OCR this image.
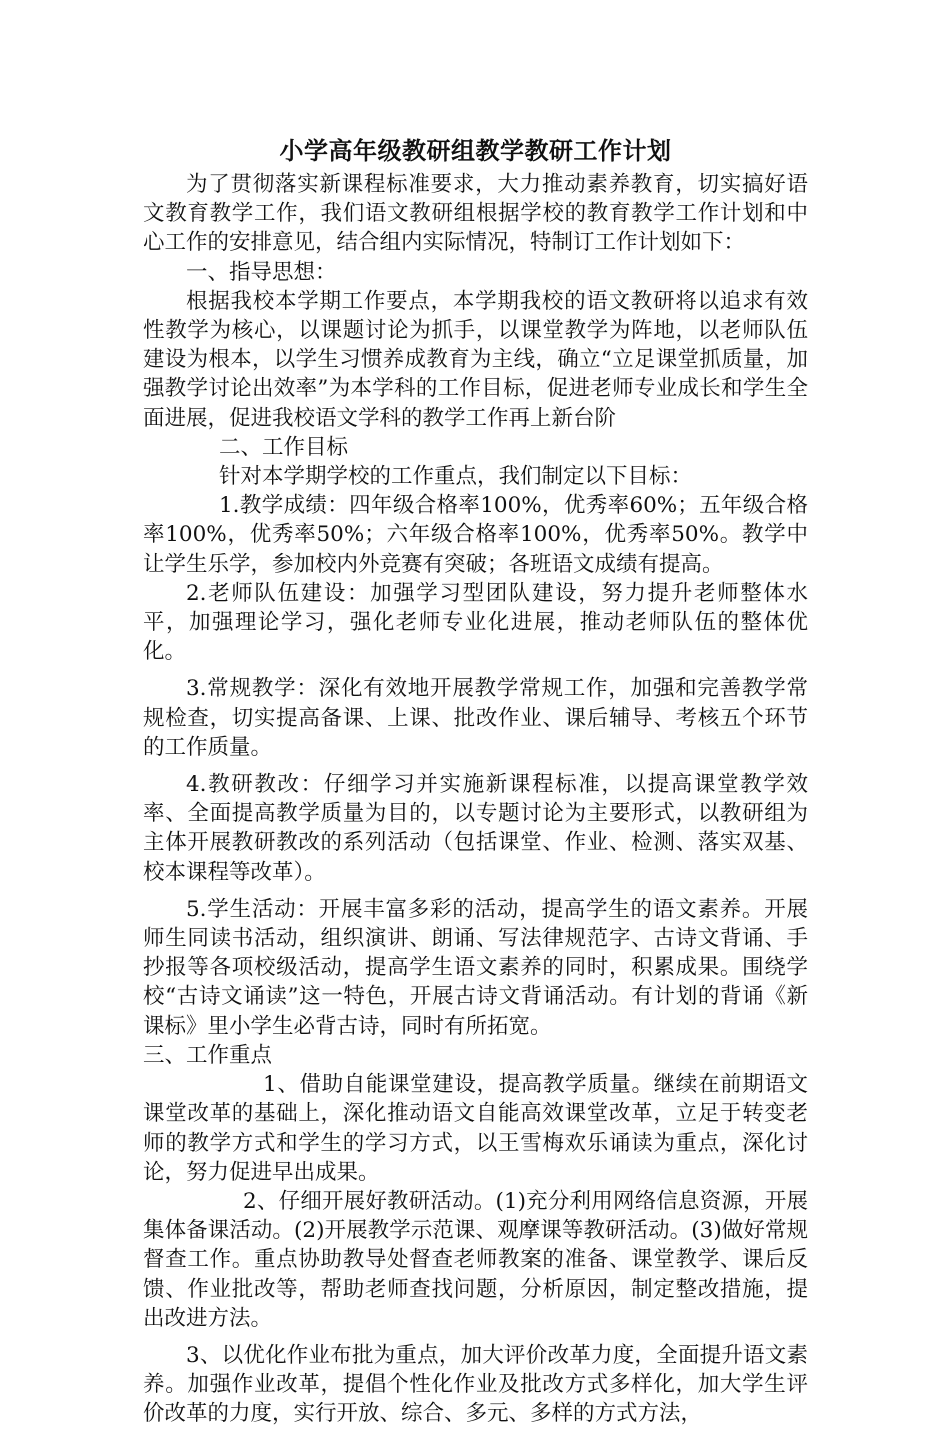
小学高年级教研组教学教研工作计划

为了贯彻落实新课程标准要求，大力推动素养教育，切实搞好语文教育教学工作，我们语文教研组根据学校的教育教学工作计划和中心工作的安排意见，结合组内实际情况，特制订工作计划如下：

一、指导思想：

根据我校本学期工作要点，本学期我校的语文教研将以追求有效性教学为核心，以课题讨论为抓手，以课堂教学为阵地，以老师队伍建设为根本，以学生习惯养成教育为主线，确立“立足课堂抓质量，加强教学讨论出效率”为本学科的工作目标，促进老师专业成长和学生全面进展，促进我校语文学科的教学工作再上新台阶

二、工作目标

针对本学期学校的工作重点，我们制定以下目标：

1.教学成绩：四年级合格率100%，优秀率60%；五年级合格率100%，优秀率50%；六年级合格率100%，优秀率50%。教学中让学生乐学，参加校内外竞赛有突破；各班语文成绩有提高。

2.老师队伍建设：加强学习型团队建设，努力提升老师整体水平，加强理论学习，强化老师专业化进展，推动老师队伍的整体优化。

3.常规教学：深化有效地开展教学常规工作，加强和完善教学常规检查，切实提高备课、上课、批改作业、课后辅导、考核五个环节的工作质量。

4.教研教改：仔细学习并实施新课程标准，以提高课堂教学效率、全面提高教学质量为目的，以专题讨论为主要形式，以教研组为主体开展教研教改的系列活动（包括课堂、作业、检测、落实双基、校本课程等改革）。

5.学生活动：开展丰富多彩的活动，提高学生的语文素养。开展师生同读书活动，组织演讲、朗诵、写法律规范字、古诗文背诵、手抄报等各项校级活动，提高学生语文素养的同时，积累成果。围绕学校“古诗文诵读”这一特色，开展古诗文背诵活动。有计划的背诵《新课标》里小学生必背古诗，同时有所拓宽。

三、工作重点

1、借助自能课堂建设，提高教学质量。继续在前期语文课堂改革的基础上，深化推动语文自能高效课堂改革，立足于转变老师的教学方式和学生的学习方式，以王雪梅欢乐诵读为重点，深化讨论，努力促进早出成果。

2、仔细开展好教研活动。(1)充分利用网络信息资源，开展集体备课活动。(2)开展教学示范课、观摩课等教研活动。(3)做好常规督查工作。重点协助教导处督查老师教案的准备、课堂教学、课后反馈、作业批改等，帮助老师查找问题，分析原因，制定整改措施，提出改进方法。

3、以优化作业布批为重点，加大评价改革力度，全面提升语文素养。加强作业改革，提倡个性化作业及批改方式多样化，加大学生评价改革的力度，实行开放、综合、多元、多样的方式方法，
